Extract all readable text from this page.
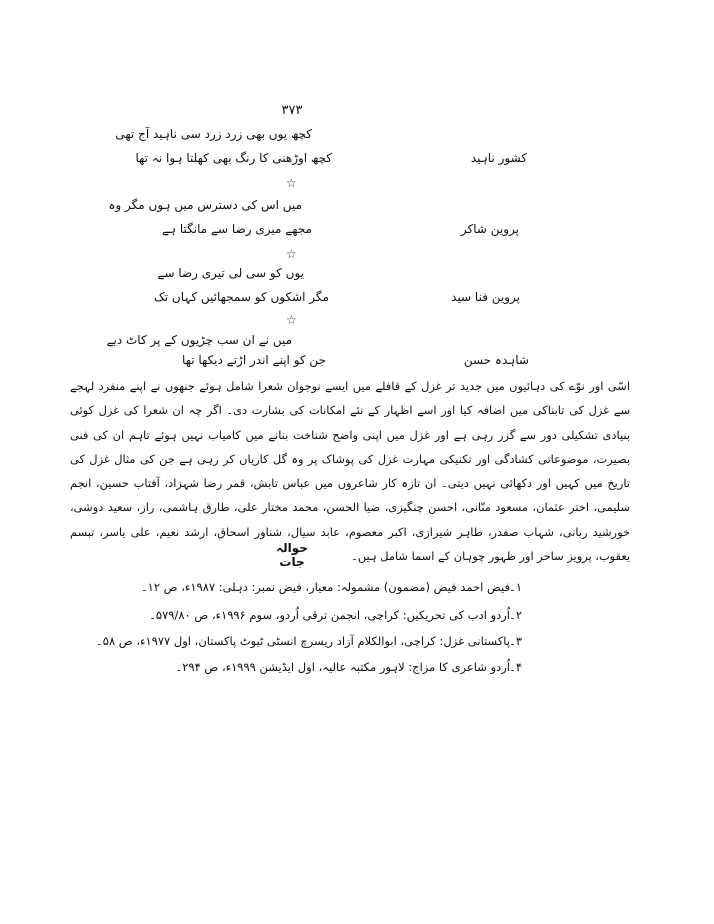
۳۷۳
کچھ یوں بھی زرد زرد سی ناہید آج تھی
کچھ اوڑھنی کا رنگ بھی کھلتا ہوا نہ تھا	کشور ناہید
☆
میں اس کی دسترس میں ہوں مگر وہ
مجھے میری رضا سے مانگتا ہے	پروین شاکر
☆
یوں کو سی لی تیری رضا سے
مگر اشکوں کو سمجھائیں کہاں تک	پروین فنا سید
☆
میں نے ان سب چڑیوں کے پر کاٹ دیے
جن کو اپنے اندر اڑتے دیکھا تھا	شاہدہ حسن
اسّی اور نوّے کی دہائیوں میں جدید تر غزل کے قافلے میں ایسے نوجوان شعرا شامل ہوئے جنھوں نے اپنے منفرد لہجے سے غزل کی تابناکی میں اضافہ کیا اور اسے اظہار کے نئے امکانات کی بشارت دی۔ اگر چہ ان شعرا کی غزل کوئی بنیادی تشکیلی دور سے گزر رہی ہے اور غزل میں اپنی واضح شناخت بنانے میں کامیاب نہیں ہوئے تاہم ان کی فنی بصیرت، موضوعاتی کشادگی اور تکنیکی مہارت غزل کی پوشاک پر وہ گل کاریاں کر رہی ہے جن کی مثال غزل کی تاریخ میں کہیں اور دکھائی نہیں دیتی۔ ان تازہ کار شاعروں میں عباس تابش، قمر رضا شہزاد، آفتاب حسین، انجم سلیمی، اختر عثمان، مسعود منّانی، احسن چنگیزی، ضیا الحسن، محمد مختار علی، طارق ہاشمی، راز، سعید دوشی، خورشید ربانی، شہاب صفدر، طاہر شیرازی، اکبر معصوم، عابد سیال، شناور اسحاق، ارشد نعیم، علی یاسر، تبسم یعقوب، پرویز ساحر اور ظہور چوہان کے اسما شامل ہیں۔
حوالہ جات
۱۔
فیض احمد فیض (مضمون) مشمولہ: معیار، فیض نمبر: دہلی: ۱۹۸۷ء، ص ۱۲۔
۲۔
اُردو ادب کی تحریکیں: کراچی، انجمن ترقی اُردو، سوم ۱۹۹۶ء، ص ۵۷۹/۸۰۔
۳۔
پاکستانی غزل: کراچی، ابوالکلام آزاد ریسرچ انسٹی ٹیوٹ پاکستان، اول ۱۹۷۷ء، ص ۵۸۔
۴۔
اُردو شاعری کا مزاج: لاہور مکتبہ عالیہ، اول ایڈیشن ۱۹۹۹ء، ص ۲۹۴۔
